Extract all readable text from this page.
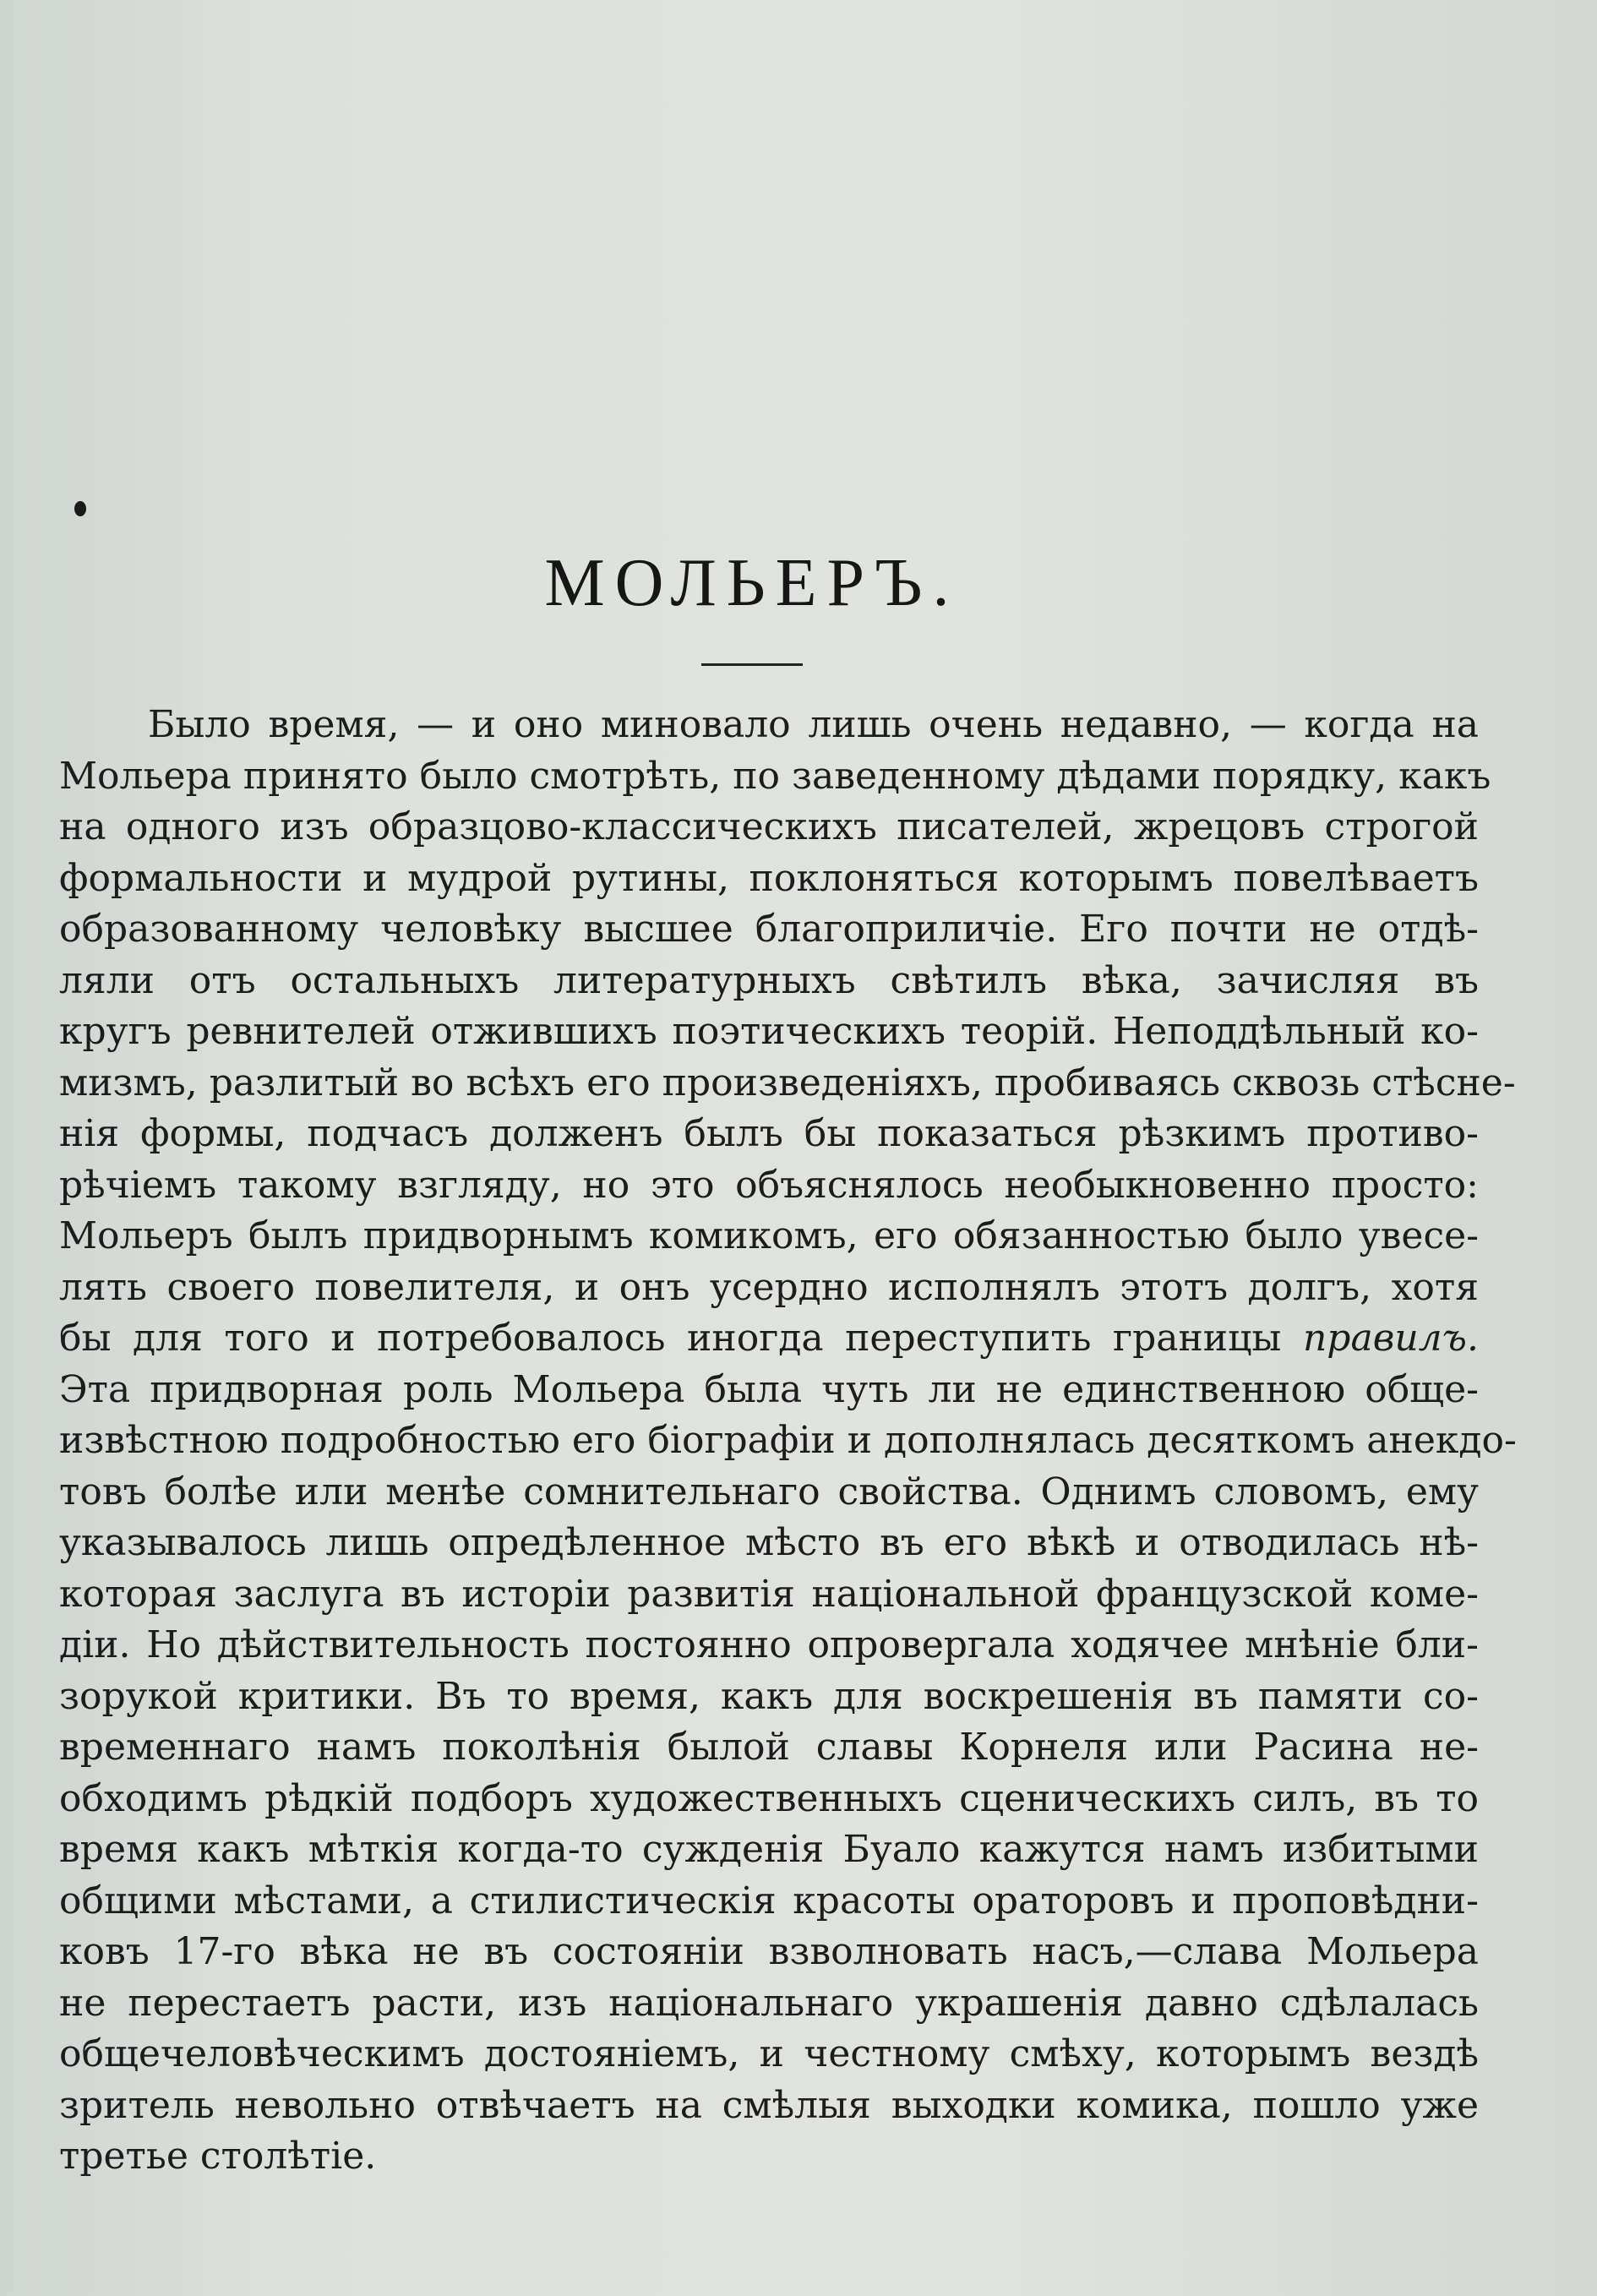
МОЛЬЕРЪ.
Было время, — и оно миновало лишь очень недавно, — когда на
Мольера принято было смотрѣть, по заведенному дѣдами порядку, какъ
на одного изъ образцово-классическихъ писателей, жрецовъ строгой
формальности и мудрой рутины, поклоняться которымъ повелѣваетъ
образованному человѣку высшее благоприличіе. Его почти не отдѣ-
ляли отъ остальныхъ литературныхъ свѣтилъ вѣка, зачисляя въ
кругъ ревнителей отжившихъ поэтическихъ теорій. Неподдѣльный ко-
мизмъ, разлитый во всѣхъ его произведеніяхъ, пробиваясь сквозь стѣсне-
нія формы, подчасъ долженъ былъ бы показаться рѣзкимъ противо-
рѣчіемъ такому взгляду, но это объяснялось необыкновенно просто:
Мольеръ былъ придворнымъ комикомъ, его обязанностью было увесе-
лять своего повелителя, и онъ усердно исполнялъ этотъ долгъ, хотя
бы для того и потребовалось иногда переступить границы правилъ.
Эта придворная роль Мольера была чуть ли не единственною обще-
извѣстною подробностью его біографіи и дополнялась десяткомъ анекдо-
товъ болѣе или менѣе сомнительнаго свойства. Однимъ словомъ, ему
указывалось лишь опредѣленное мѣсто въ его вѣкѣ и отводилась нѣ-
которая заслуга въ исторіи развитія національной французской коме-
діи. Но дѣйствительность постоянно опровергала ходячее мнѣніе бли-
зорукой критики. Въ то время, какъ для воскрешенія въ памяти со-
временнаго намъ поколѣнія былой славы Корнеля или Расина не-
обходимъ рѣдкій подборъ художественныхъ сценическихъ силъ, въ то
время какъ мѣткія когда-то сужденія Буало кажутся намъ избитыми
общими мѣстами, а стилистическія красоты ораторовъ и проповѣдни-
ковъ 17-го вѣка не въ состояніи взволновать насъ,—слава Мольера
не перестаетъ расти, изъ національнаго украшенія давно сдѣлалась
общечеловѣческимъ достояніемъ, и честному смѣху, которымъ вездѣ
зритель невольно отвѣчаетъ на смѣлыя выходки комика, пошло уже
третье столѣтіе.
